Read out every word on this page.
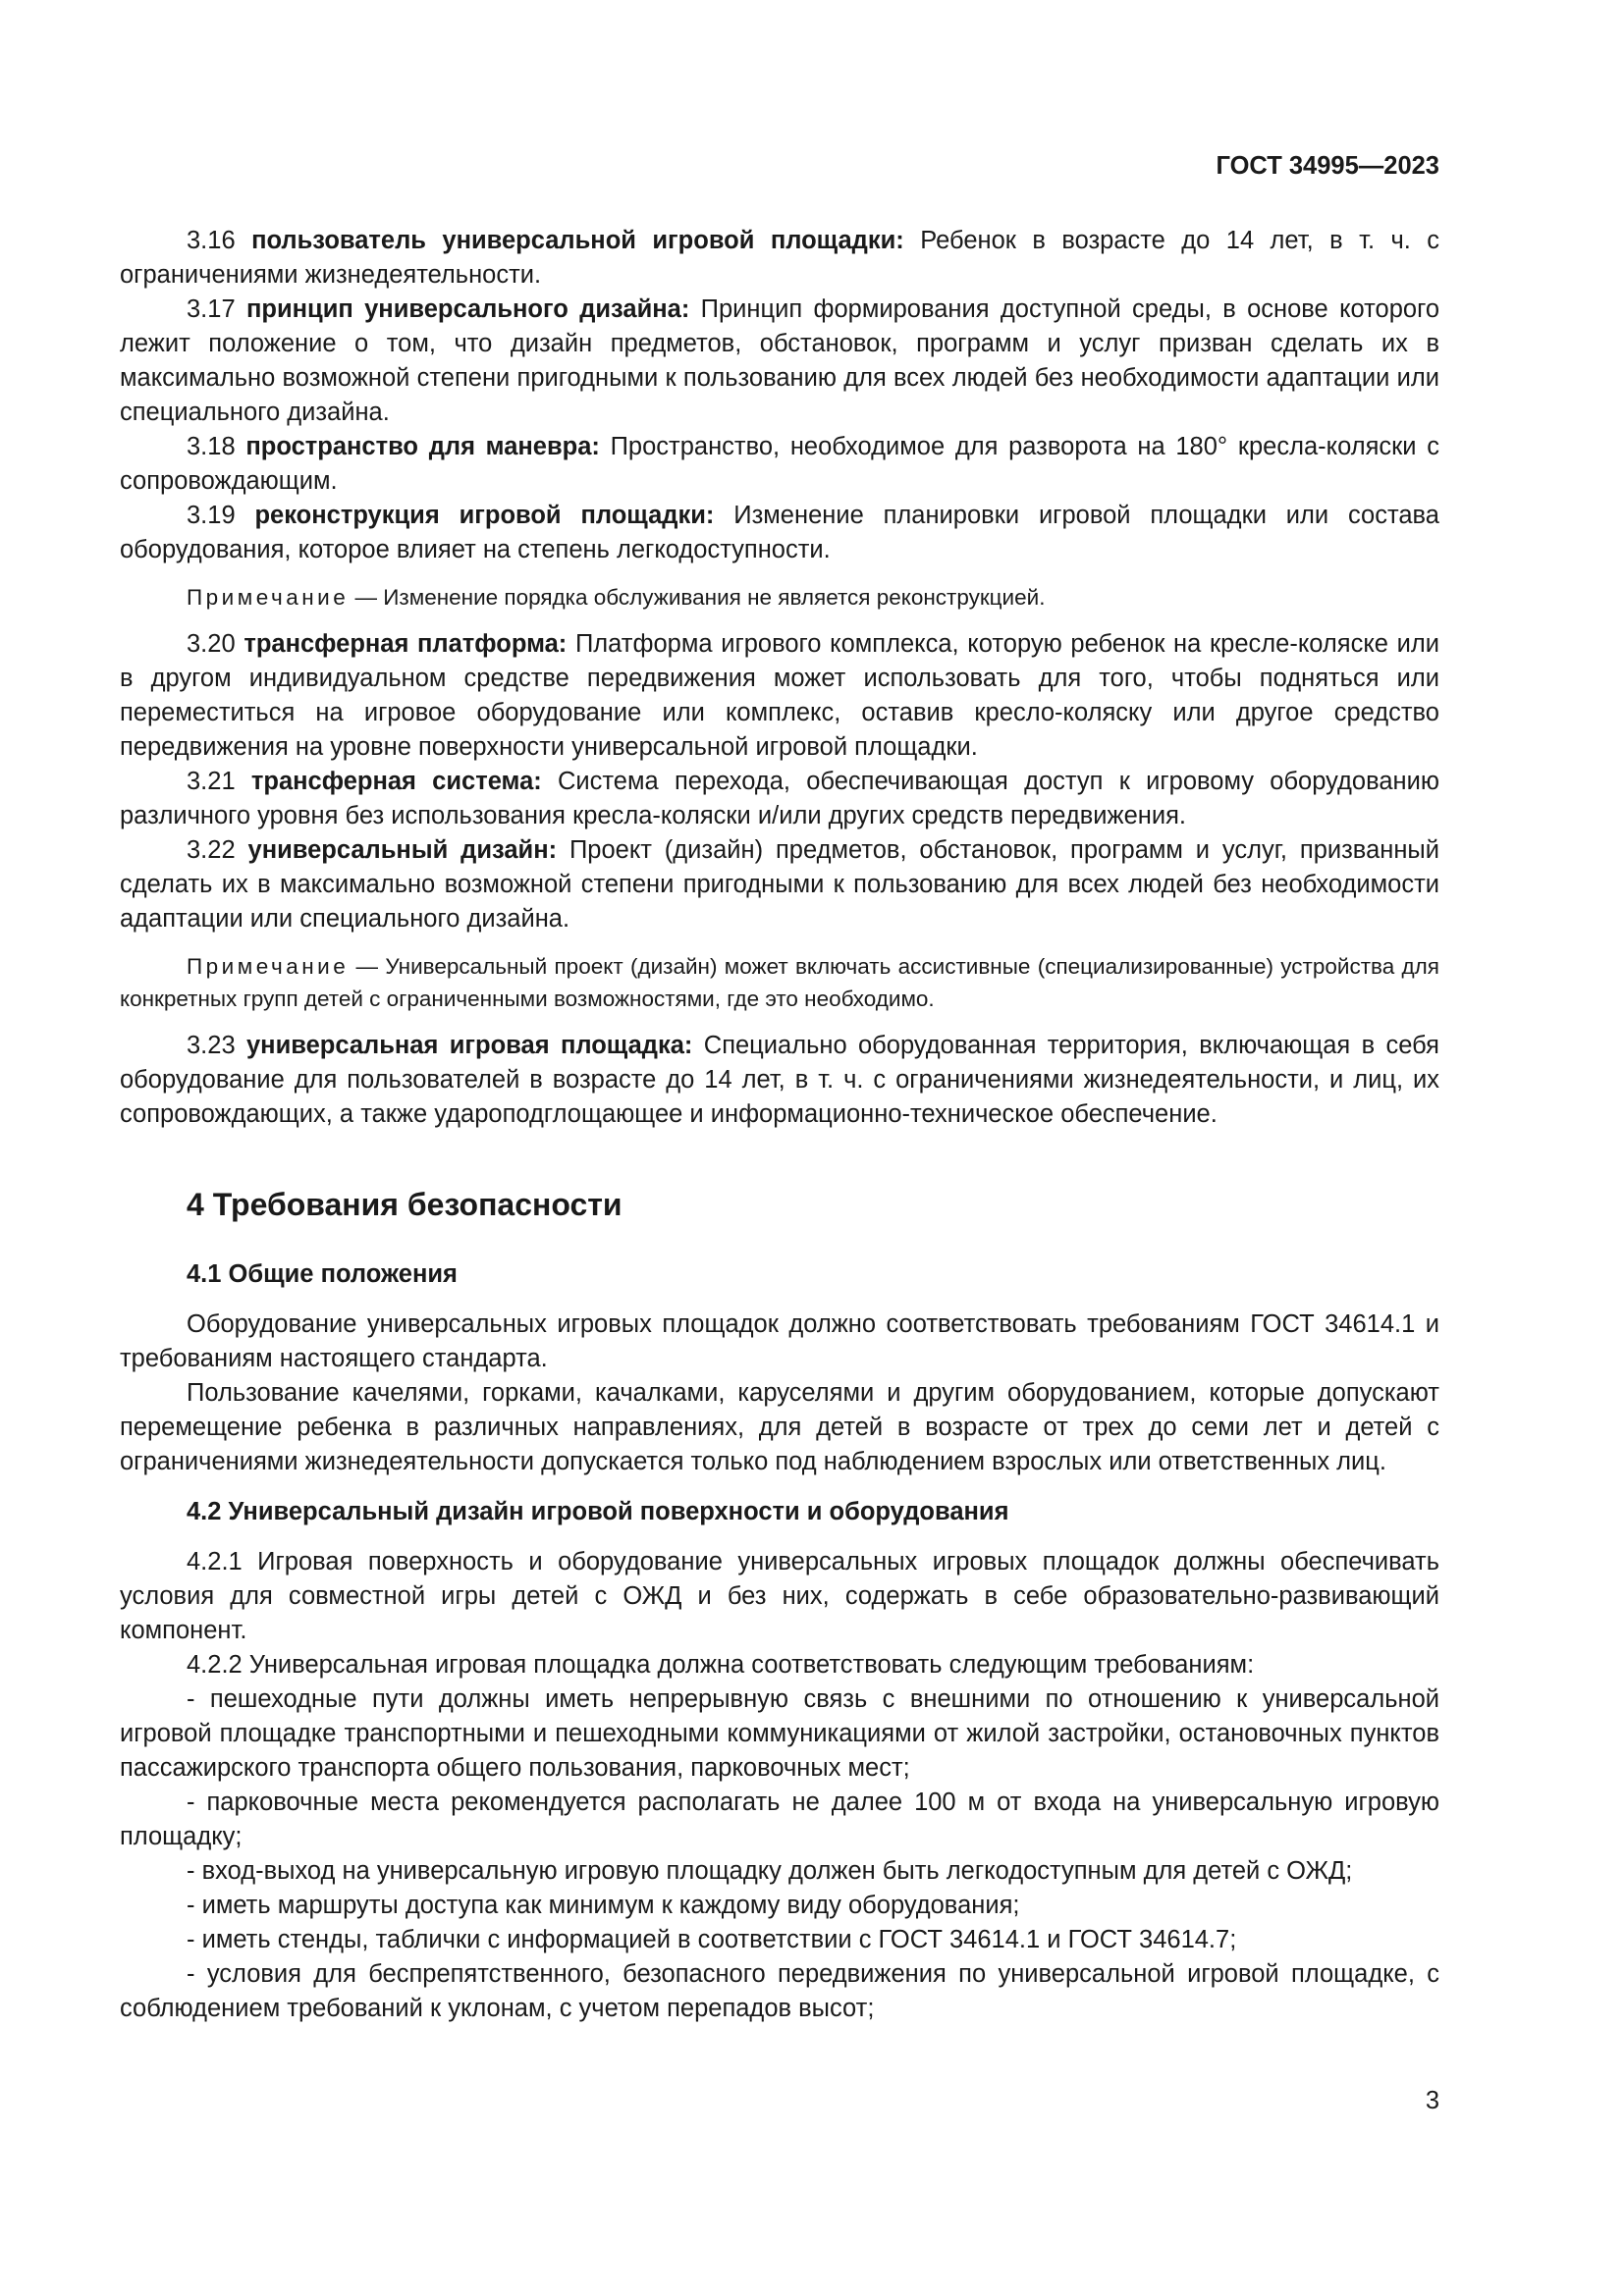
ГОСТ 34995—2023

3.16 пользователь универсальной игровой площадки: Ребенок в возрасте до 14 лет, в т. ч. с ограничениями жизнедеятельности.

3.17 принцип универсального дизайна: Принцип формирования доступной среды, в основе которого лежит положение о том, что дизайн предметов, обстановок, программ и услуг призван сделать их в максимально возможной степени пригодными к пользованию для всех людей без необходимости адаптации или специального дизайна.

3.18 пространство для маневра: Пространство, необходимое для разворота на 180° кресла-коляски с сопровождающим.

3.19 реконструкция игровой площадки: Изменение планировки игровой площадки или состава оборудования, которое влияет на степень легкодоступности.

Примечание — Изменение порядка обслуживания не является реконструкцией.

3.20 трансферная платформа: Платформа игрового комплекса, которую ребенок на кресле-коляске или в другом индивидуальном средстве передвижения может использовать для того, чтобы подняться или переместиться на игровое оборудование или комплекс, оставив кресло-коляску или другое средство передвижения на уровне поверхности универсальной игровой площадки.

3.21 трансферная система: Система перехода, обеспечивающая доступ к игровому оборудованию различного уровня без использования кресла-коляски и/или других средств передвижения.

3.22 универсальный дизайн: Проект (дизайн) предметов, обстановок, программ и услуг, призванный сделать их в максимально возможной степени пригодными к пользованию для всех людей без необходимости адаптации или специального дизайна.

Примечание — Универсальный проект (дизайн) может включать ассистивные (специализированные) устройства для конкретных групп детей с ограниченными возможностями, где это необходимо.

3.23 универсальная игровая площадка: Специально оборудованная территория, включающая в себя оборудование для пользователей в возрасте до 14 лет, в т. ч. с ограничениями жизнедеятельности, и лиц, их сопровождающих, а также удароподглощающее и информационно-техническое обеспечение.

4 Требования безопасности
4.1 Общие положения

Оборудование универсальных игровых площадок должно соответствовать требованиям ГОСТ 34614.1 и требованиям настоящего стандарта.

Пользование качелями, горками, качалками, каруселями и другим оборудованием, которые допускают перемещение ребенка в различных направлениях, для детей в возрасте от трех до семи лет и детей с ограничениями жизнедеятельности допускается только под наблюдением взрослых или ответственных лиц.

4.2 Универсальный дизайн игровой поверхности и оборудования

4.2.1 Игровая поверхность и оборудование универсальных игровых площадок должны обеспечивать условия для совместной игры детей с ОЖД и без них, содержать в себе образовательно-развивающий компонент.

4.2.2 Универсальная игровая площадка должна соответствовать следующим требованиям:

- пешеходные пути должны иметь непрерывную связь с внешними по отношению к универсальной игровой площадке транспортными и пешеходными коммуникациями от жилой застройки, остановочных пунктов пассажирского транспорта общего пользования, парковочных мест;

- парковочные места рекомендуется располагать не далее 100 м от входа на универсальную игровую площадку;

- вход-выход на универсальную игровую площадку должен быть легкодоступным для детей с ОЖД;

- иметь маршруты доступа как минимум к каждому виду оборудования;

- иметь стенды, таблички с информацией в соответствии с ГОСТ 34614.1 и ГОСТ 34614.7;

- условия для беспрепятственного, безопасного передвижения по универсальной игровой площадке, с соблюдением требований к уклонам, с учетом перепадов высот;

3
